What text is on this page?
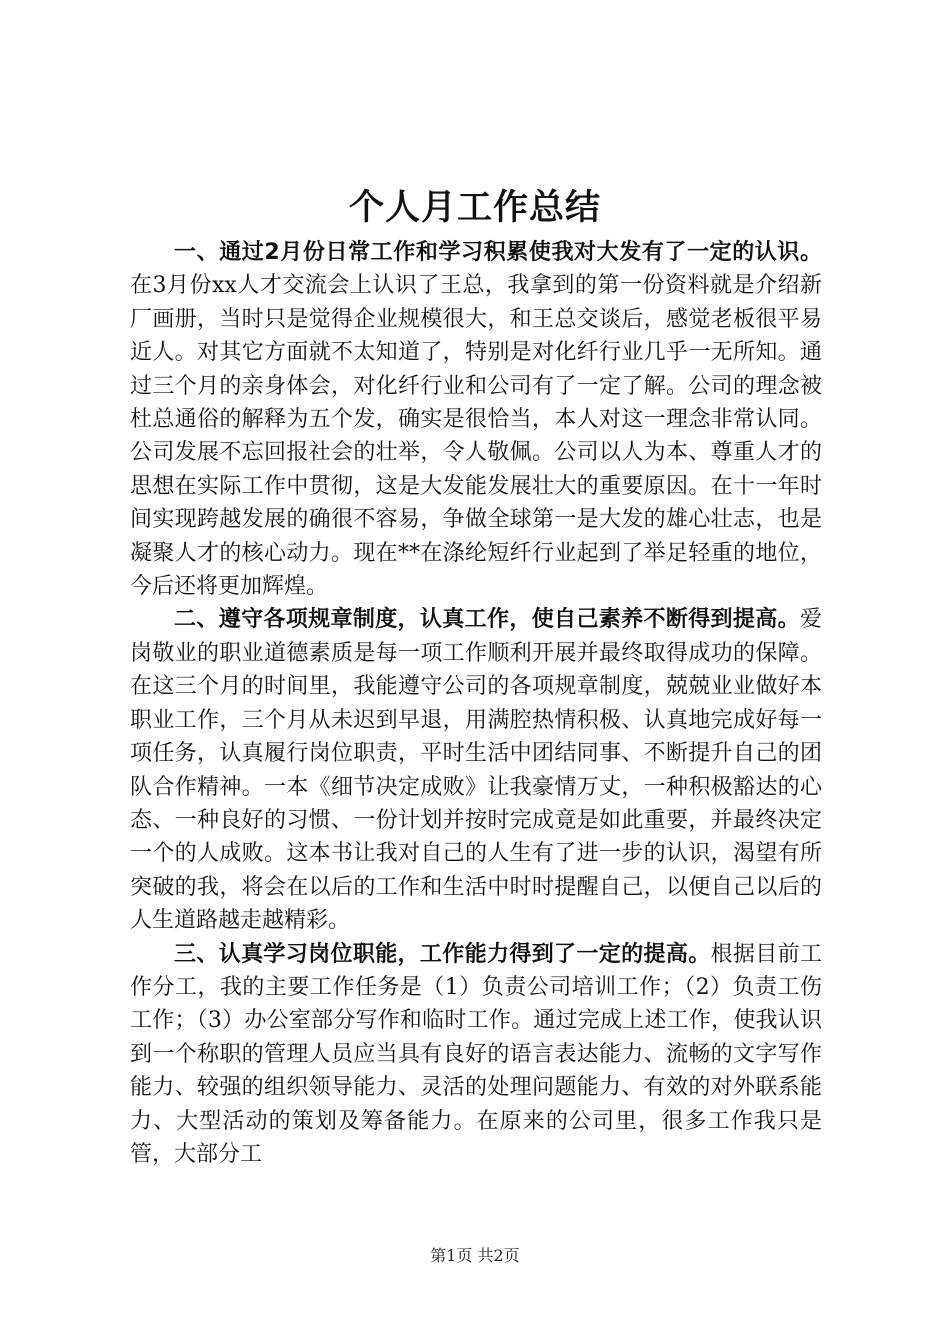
个人月工作总结

一、通过2月份日常工作和学习积累使我对大发有了一定的认识。在3月份xx人才交流会上认识了王总，我拿到的第一份资料就是介绍新厂画册，当时只是觉得企业规模很大，和王总交谈后，感觉老板很平易近人。对其它方面就不太知道了，特别是对化纤行业几乎一无所知。通过三个月的亲身体会，对化纤行业和公司有了一定了解。公司的理念被杜总通俗的解释为五个发，确实是很恰当，本人对这一理念非常认同。公司发展不忘回报社会的壮举，令人敬佩。公司以人为本、尊重人才的思想在实际工作中贯彻，这是大发能发展壮大的重要原因。在十一年时间实现跨越发展的确很不容易，争做全球第一是大发的雄心壮志，也是凝聚人才的核心动力。现在**在涤纶短纤行业起到了举足轻重的地位，今后还将更加辉煌。

二、遵守各项规章制度，认真工作，使自己素养不断得到提高。爱岗敬业的职业道德素质是每一项工作顺利开展并最终取得成功的保障。在这三个月的时间里，我能遵守公司的各项规章制度，兢兢业业做好本职业工作，三个月从未迟到早退，用满腔热情积极、认真地完成好每一项任务，认真履行岗位职责，平时生活中团结同事、不断提升自己的团队合作精神。一本《细节决定成败》让我豪情万丈，一种积极豁达的心态、一种良好的习惯、一份计划并按时完成竟是如此重要，并最终决定一个的人成败。这本书让我对自己的人生有了进一步的认识，渴望有所突破的我，将会在以后的工作和生活中时时提醒自己，以便自己以后的人生道路越走越精彩。

三、认真学习岗位职能，工作能力得到了一定的提高。根据目前工作分工，我的主要工作任务是（1）负责公司培训工作；（2）负责工伤工作；（3）办公室部分写作和临时工作。通过完成上述工作，使我认识到一个称职的管理人员应当具有良好的语言表达能力、流畅的文字写作能力、较强的组织领导能力、灵活的处理问题能力、有效的对外联系能力、大型活动的策划及筹备能力。在原来的公司里，很多工作我只是管，大部分工

第1页 共2页
